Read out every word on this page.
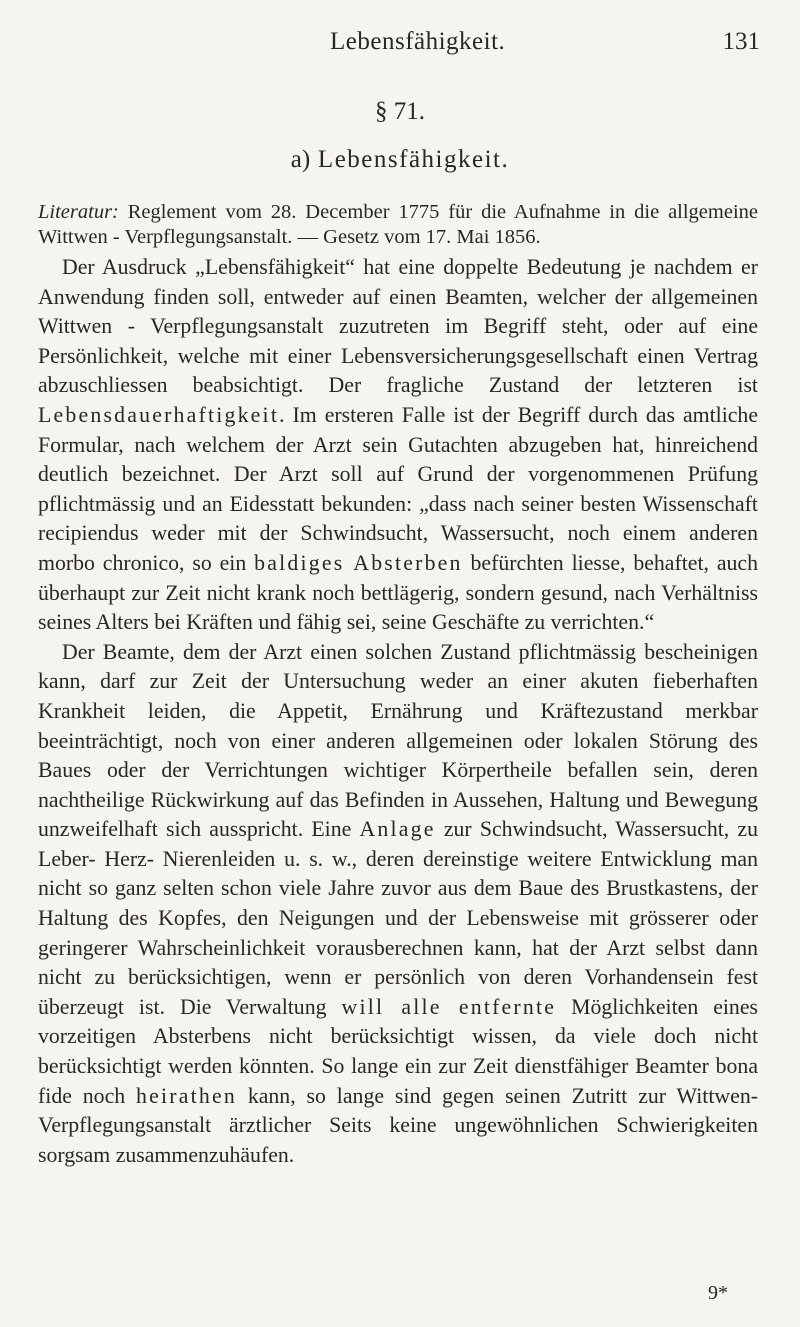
Lebensfähigkeit.	131
§ 71.
a) Lebensfähigkeit.

Literatur: Reglement vom 28. December 1775 für die Aufnahme in die allgemeine Wittwen - Verpflegungsanstalt. — Gesetz vom 17. Mai 1856.

Der Ausdruck „Lebensfähigkeit“ hat eine doppelte Bedeutung je nachdem er Anwendung finden soll, entweder auf einen Beamten, welcher der allgemeinen Wittwen - Verpflegungsanstalt zuzutreten im Begriff steht, oder auf eine Persönlichkeit, welche mit einer Lebensversicherungsgesellschaft einen Vertrag abzuschliessen beabsichtigt. Der fragliche Zustand der letzteren ist Lebensdauerhaftigkeit. Im ersteren Falle ist der Begriff durch das amtliche Formular, nach welchem der Arzt sein Gutachten abzugeben hat, hinreichend deutlich bezeichnet. Der Arzt soll auf Grund der vorgenommenen Prüfung pflichtmässig und an Eidesstatt bekunden: „dass nach seiner besten Wissenschaft recipiendus weder mit der Schwindsucht, Wassersucht, noch einem anderen morbo chronico, so ein baldiges Absterben befürchten liesse, behaftet, auch überhaupt zur Zeit nicht krank noch bettlägerig, sondern gesund, nach Verhältniss seines Alters bei Kräften und fähig sei, seine Geschäfte zu verrichten.“

Der Beamte, dem der Arzt einen solchen Zustand pflichtmässig bescheinigen kann, darf zur Zeit der Untersuchung weder an einer akuten fieberhaften Krankheit leiden, die Appetit, Ernährung und Kräftezustand merkbar beeinträchtigt, noch von einer anderen allgemeinen oder lokalen Störung des Baues oder der Verrichtungen wichtiger Körpertheile befallen sein, deren nachtheilige Rückwirkung auf das Befinden in Aussehen, Haltung und Bewegung unzweifelhaft sich ausspricht. Eine Anlage zur Schwindsucht, Wassersucht, zu Leber- Herz- Nierenleiden u. s. w., deren dereinstige weitere Entwicklung man nicht so ganz selten schon viele Jahre zuvor aus dem Baue des Brustkastens, der Haltung des Kopfes, den Neigungen und der Lebensweise mit grösserer oder geringerer Wahrscheinlichkeit vorausberechnen kann, hat der Arzt selbst dann nicht zu berücksichtigen, wenn er persönlich von deren Vorhandensein fest überzeugt ist. Die Verwaltung will alle entfernte Möglichkeiten eines vorzeitigen Absterbens nicht berücksichtigt wissen, da viele doch nicht berücksichtigt werden könnten. So lange ein zur Zeit dienstfähiger Beamter bona fide noch heirathen kann, so lange sind gegen seinen Zutritt zur Wittwen-Verpflegungsanstalt ärztlicher Seits keine ungewöhnlichen Schwierigkeiten sorgsam zusammenzuhäufen.

9*
